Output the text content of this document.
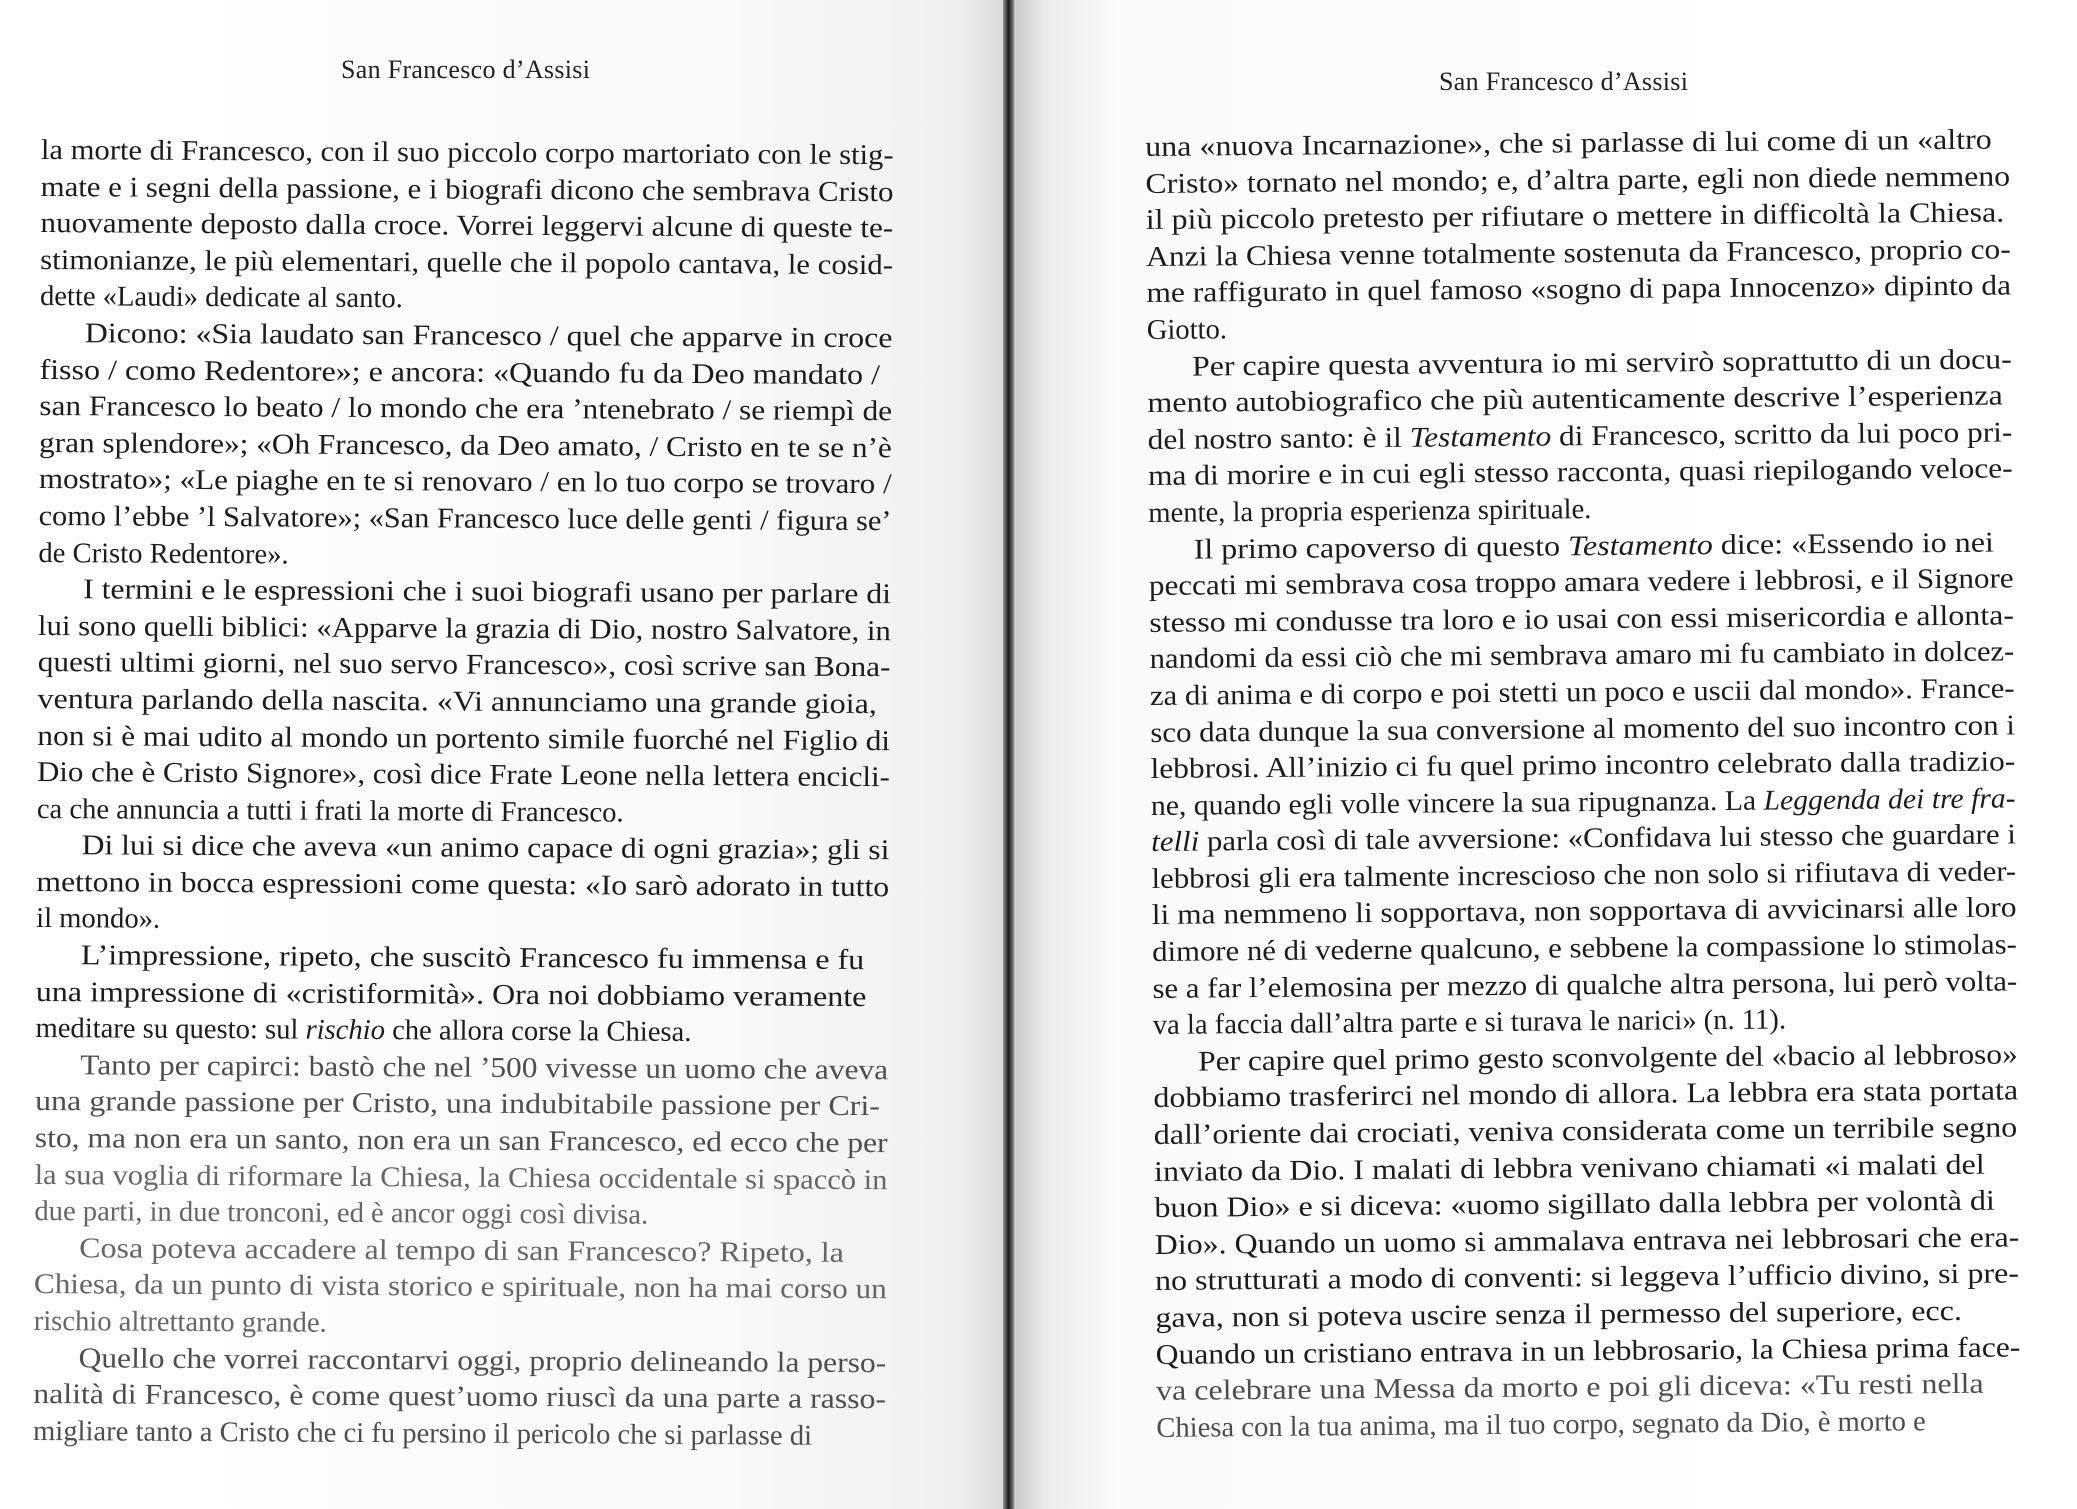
San Francesco d’Assisi
la morte di Francesco, con il suo piccolo corpo martoriato con le stig-
mate e i segni della passione, e i biografi dicono che sembrava Cristo
nuovamente deposto dalla croce. Vorrei leggervi alcune di queste te-
stimonianze, le più elementari, quelle che il popolo cantava, le cosid-
dette «Laudi» dedicate al santo.
Dicono: «Sia laudato san Francesco / quel che apparve in croce
fisso / como Redentore»; e ancora: «Quando fu da Deo mandato /
san Francesco lo beato / lo mondo che era ’ntenebrato / se riempì de
gran splendore»; «Oh Francesco, da Deo amato, / Cristo en te se n’è
mostrato»; «Le piaghe en te si renovaro / en lo tuo corpo se trovaro /
como l’ebbe ’l Salvatore»; «San Francesco luce delle genti / figura se’
de Cristo Redentore».
I termini e le espressioni che i suoi biografi usano per parlare di
lui sono quelli biblici: «Apparve la grazia di Dio, nostro Salvatore, in
questi ultimi giorni, nel suo servo Francesco», così scrive san Bona-
ventura parlando della nascita. «Vi annunciamo una grande gioia,
non si è mai udito al mondo un portento simile fuorché nel Figlio di
Dio che è Cristo Signore», così dice Frate Leone nella lettera encicli-
ca che annuncia a tutti i frati la morte di Francesco.
Di lui si dice che aveva «un animo capace di ogni grazia»; gli si
mettono in bocca espressioni come questa: «Io sarò adorato in tutto
il mondo».
L’impressione, ripeto, che suscitò Francesco fu immensa e fu
una impressione di «cristiformità». Ora noi dobbiamo veramente
meditare su questo: sul rischio che allora corse la Chiesa.
Tanto per capirci: bastò che nel ’500 vivesse un uomo che aveva
una grande passione per Cristo, una indubitabile passione per Cri-
sto, ma non era un santo, non era un san Francesco, ed ecco che per
la sua voglia di riformare la Chiesa, la Chiesa occidentale si spaccò in
due parti, in due tronconi, ed è ancor oggi così divisa.
Cosa poteva accadere al tempo di san Francesco? Ripeto, la
Chiesa, da un punto di vista storico e spirituale, non ha mai corso un
rischio altrettanto grande.
Quello che vorrei raccontarvi oggi, proprio delineando la perso-
nalità di Francesco, è come quest’uomo riuscì da una parte a rasso-
migliare tanto a Cristo che ci fu persino il pericolo che si parlasse di
San Francesco d’Assisi
una «nuova Incarnazione», che si parlasse di lui come di un «altro
Cristo» tornato nel mondo; e, d’altra parte, egli non diede nemmeno
il più piccolo pretesto per rifiutare o mettere in difficoltà la Chiesa.
Anzi la Chiesa venne totalmente sostenuta da Francesco, proprio co-
me raffigurato in quel famoso «sogno di papa Innocenzo» dipinto da
Giotto.
Per capire questa avventura io mi servirò soprattutto di un docu-
mento autobiografico che più autenticamente descrive l’esperienza
del nostro santo: è il Testamento di Francesco, scritto da lui poco pri-
ma di morire e in cui egli stesso racconta, quasi riepilogando veloce-
mente, la propria esperienza spirituale.
Il primo capoverso di questo Testamento dice: «Essendo io nei
peccati mi sembrava cosa troppo amara vedere i lebbrosi, e il Signore
stesso mi condusse tra loro e io usai con essi misericordia e allonta-
nandomi da essi ciò che mi sembrava amaro mi fu cambiato in dolcez-
za di anima e di corpo e poi stetti un poco e uscii dal mondo». France-
sco data dunque la sua conversione al momento del suo incontro con i
lebbrosi. All’inizio ci fu quel primo incontro celebrato dalla tradizio-
ne, quando egli volle vincere la sua ripugnanza. La Leggenda dei tre fra-
telli parla così di tale avversione: «Confidava lui stesso che guardare i
lebbrosi gli era talmente increscioso che non solo si rifiutava di veder-
li ma nemmeno li sopportava, non sopportava di avvicinarsi alle loro
dimore né di vederne qualcuno, e sebbene la compassione lo stimolas-
se a far l’elemosina per mezzo di qualche altra persona, lui però volta-
va la faccia dall’altra parte e si turava le narici» (n. 11).
Per capire quel primo gesto sconvolgente del «bacio al lebbroso»
dobbiamo trasferirci nel mondo di allora. La lebbra era stata portata
dall’oriente dai crociati, veniva considerata come un terribile segno
inviato da Dio. I malati di lebbra venivano chiamati «i malati del
buon Dio» e si diceva: «uomo sigillato dalla lebbra per volontà di
Dio». Quando un uomo si ammalava entrava nei lebbrosari che era-
no strutturati a modo di conventi: si leggeva l’ufficio divino, si pre-
gava, non si poteva uscire senza il permesso del superiore, ecc.
Quando un cristiano entrava in un lebbrosario, la Chiesa prima face-
va celebrare una Messa da morto e poi gli diceva: «Tu resti nella
Chiesa con la tua anima, ma il tuo corpo, segnato da Dio, è morto e
